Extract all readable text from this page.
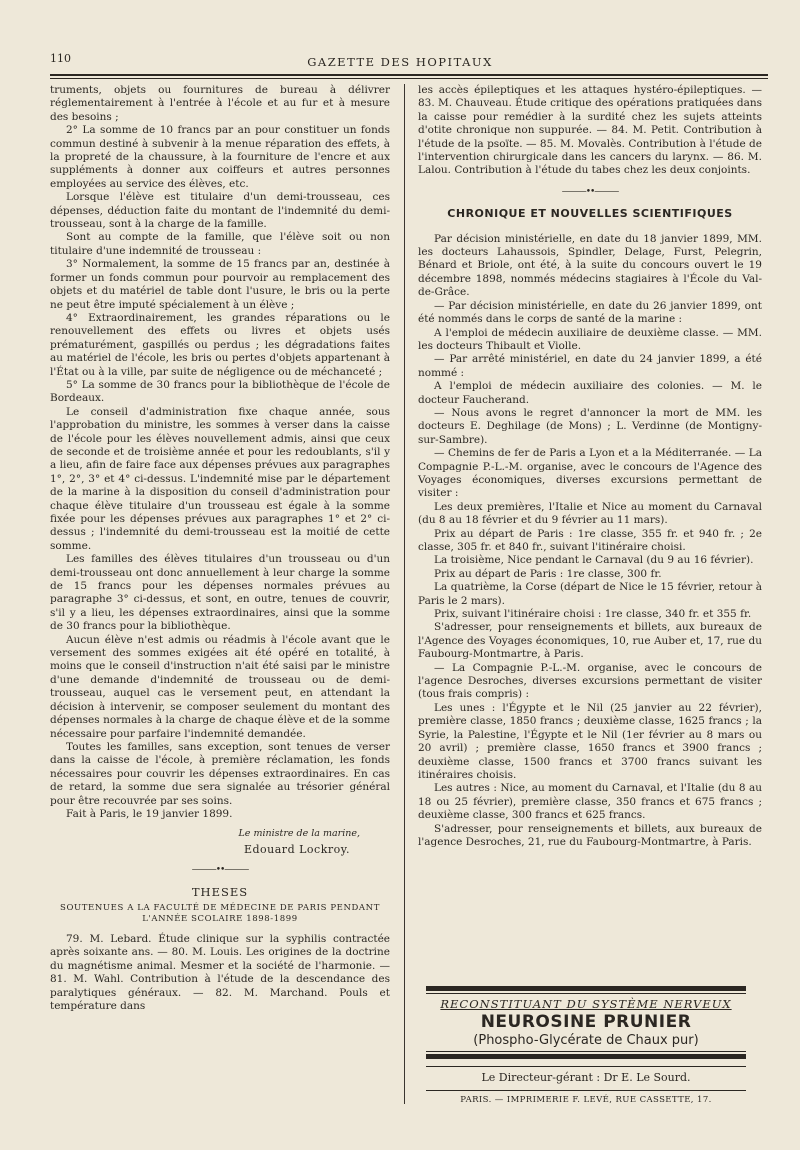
110	GAZETTE DES HOPITAUX

truments, objets ou fournitures de bureau à délivrer réglementairement à l'entrée à l'école et au fur et à mesure des besoins ;

2° La somme de 10 francs par an pour constituer un fonds commun destiné à subvenir à la menue réparation des effets, à la propreté de la chaussure, à la fourniture de l'encre et aux suppléments à donner aux coiffeurs et autres personnes employées au service des élèves, etc.

Lorsque l'élève est titulaire d'un demi-trousseau, ces dépenses, déduction faite du montant de l'indemnité du demi-trousseau, sont à la charge de la famille.

Sont au compte de la famille, que l'élève soit ou non titulaire d'une indemnité de trousseau :

3° Normalement, la somme de 15 francs par an, destinée à former un fonds commun pour pourvoir au remplacement des objets et du matériel de table dont l'usure, le bris ou la perte ne peut être imputé spécialement à un élève ;

4° Extraordinairement, les grandes réparations ou le renouvellement des effets ou livres et objets usés prématurément, gaspillés ou perdus ; les dégradations faites au matériel de l'école, les bris ou pertes d'objets appartenant à l'État ou à la ville, par suite de négligence ou de méchanceté ;

5° La somme de 30 francs pour la bibliothèque de l'école de Bordeaux.

Le conseil d'administration fixe chaque année, sous l'approbation du ministre, les sommes à verser dans la caisse de l'école pour les élèves nouvellement admis, ainsi que ceux de seconde et de troisième année et pour les redoublants, s'il y a lieu, afin de faire face aux dépenses prévues aux paragraphes 1°, 2°, 3° et 4° ci-dessus. L'indemnité mise par le département de la marine à la disposition du conseil d'administration pour chaque élève titulaire d'un trousseau est égale à la somme fixée pour les dépenses prévues aux paragraphes 1° et 2° ci-dessus ; l'indemnité du demi-trousseau est la moitié de cette somme.

Les familles des élèves titulaires d'un trousseau ou d'un demi-trousseau ont donc annuellement à leur charge la somme de 15 francs pour les dépenses normales prévues au paragraphe 3° ci-dessus, et sont, en outre, tenues de couvrir, s'il y a lieu, les dépenses extraordinaires, ainsi que la somme de 30 francs pour la bibliothèque.

Aucun élève n'est admis ou réadmis à l'école avant que le versement des sommes exigées ait été opéré en totalité, à moins que le conseil d'instruction n'ait été saisi par le ministre d'une demande d'indemnité de trousseau ou de demi-trousseau, auquel cas le versement peut, en attendant la décision à intervenir, se composer seulement du montant des dépenses normales à la charge de chaque élève et de la somme nécessaire pour parfaire l'indemnité demandée.

Toutes les familles, sans exception, sont tenues de verser dans la caisse de l'école, à première réclamation, les fonds nécessaires pour couvrir les dépenses extraordinaires. En cas de retard, la somme due sera signalée au trésorier général pour être recouvrée par ses soins.

Fait à Paris, le 19 janvier 1899.

Le ministre de la marine,
Edouard Lockroy.
———••———
THESES
SOUTENUES A LA FACULTÉ DE MÉDECINE DE PARIS PENDANT L'ANNÉE SCOLAIRE 1898-1899

79. M. Lebard. Étude clinique sur la syphilis contractée après soixante ans. — 80. M. Louis. Les origines de la doctrine du magnétisme animal. Mesmer et la société de l'harmonie. — 81. M. Wahl. Contribution à l'étude de la descendance des paralytiques généraux. — 82. M. Marchand. Pouls et température dans

les accès épileptiques et les attaques hystéro-épileptiques. — 83. M. Chauveau. Étude critique des opérations pratiquées dans la caisse pour remédier à la surdité chez les sujets atteints d'otite chronique non suppurée. — 84. M. Petit. Contribution à l'étude de la psoïte. — 85. M. Movalès. Contribution à l'étude de l'intervention chirurgicale dans les cancers du larynx. — 86. M. Lalou. Contribution à l'étude du tabes chez les deux conjoints.

———••———
CHRONIQUE ET NOUVELLES SCIENTIFIQUES

Par décision ministérielle, en date du 18 janvier 1899, MM. les docteurs Lahaussois, Spindler, Delage, Furst, Pelegrin, Bénard et Briole, ont été, à la suite du concours ouvert le 19 décembre 1898, nommés médecins stagiaires à l'École du Val-de-Grâce.

— Par décision ministérielle, en date du 26 janvier 1899, ont été nommés dans le corps de santé de la marine :

A l'emploi de médecin auxiliaire de deuxième classe. — MM. les docteurs Thibault et Violle.

— Par arrêté ministériel, en date du 24 janvier 1899, a été nommé :

A l'emploi de médecin auxiliaire des colonies. — M. le docteur Faucherand.

— Nous avons le regret d'annoncer la mort de MM. les docteurs E. Deghilage (de Mons) ; L. Verdinne (de Montigny-sur-Sambre).

— Chemins de fer de Paris a Lyon et a la Méditerranée. — La Compagnie P.-L.-M. organise, avec le concours de l'Agence des Voyages économiques, diverses excursions permettant de visiter :

Les deux premières, l'Italie et Nice au moment du Carnaval (du 8 au 18 février et du 9 février au 11 mars).

Prix au départ de Paris : 1re classe, 355 fr. et 940 fr. ; 2e classe, 305 fr. et 840 fr., suivant l'itinéraire choisi.

La troisième, Nice pendant le Carnaval (du 9 au 16 février).

Prix au départ de Paris : 1re classe, 300 fr.

La quatrième, la Corse (départ de Nice le 15 février, retour à Paris le 2 mars).

Prix, suivant l'itinéraire choisi : 1re classe, 340 fr. et 355 fr.

S'adresser, pour renseignements et billets, aux bureaux de l'Agence des Voyages économiques, 10, rue Auber et, 17, rue du Faubourg-Montmartre, à Paris.

— La Compagnie P.-L.-M. organise, avec le concours de l'agence Desroches, diverses excursions permettant de visiter (tous frais compris) :

Les unes : l'Égypte et le Nil (25 janvier au 22 février), première classe, 1850 francs ; deuxième classe, 1625 francs ; la Syrie, la Palestine, l'Égypte et le Nil (1er février au 8 mars ou 20 avril) ; première classe, 1650 francs et 3900 francs ; deuxième classe, 1500 francs et 3700 francs suivant les itinéraires choisis.

Les autres : Nice, au moment du Carnaval, et l'Italie (du 8 au 18 ou 25 février), première classe, 350 francs et 675 francs ; deuxième classe, 300 francs et 625 francs.

S'adresser, pour renseignements et billets, aux bureaux de l'agence Desroches, 21, rue du Faubourg-Montmartre, à Paris.

RECONSTITUANT DU SYSTÈME NERVEUX
NEUROSINE PRUNIER
(Phospho-Glycérate de Chaux pur)
Le Directeur-gérant : Dr E. Le Sourd.
PARIS. — IMPRIMERIE F. LEVÉ, RUE CASSETTE, 17.
